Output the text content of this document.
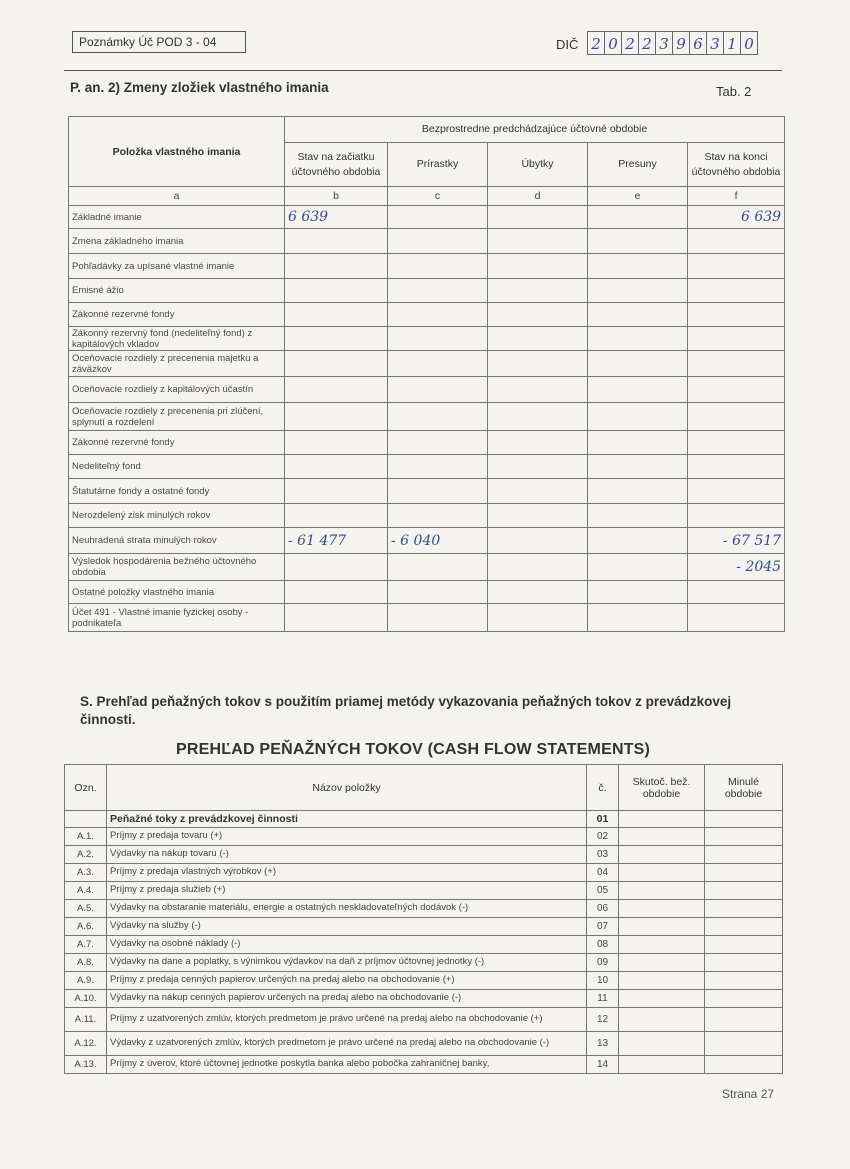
Poznámky Úč POD 3 - 04	DIČ 2 0 2 2 3 9 6 3 1 0
P. an. 2) Zmeny zložiek vlastného imania	Tab. 2
Položka vlastného imania	Bezprostredne predchádzajúce účtovné obdobie				
	Stav na začiatku účtovného obdobia	Prírastky	Úbytky	Presuny	Stav na konci účtovného obdobia
a	b	c	d	e	f
Základné imanie	6 639				6 639
Zmena základného imania					
Pohľadávky za upísané vlastné imanie					
Emisné ážio					
Zákonné rezervné fondy					
Zákonný rezervný fond (nedeliteľný fond) z kapitálových vkladov					
Oceňovacie rozdiely z precenenia majetku a záväzkov					
Oceňovacie rozdiely z kapitálových účastín					
Oceňovacie rozdiely z precenenia pri zlúčení, splynutí a rozdelení					
Zákonné rezervné fondy					
Nedeliteľný fond					
Štatutárne fondy a ostatné fondy					
Nerozdelený zisk minulých rokov					
Neuhradená strata minulých rokov	- 61 477	- 6 040			- 67 517
Výsledok hospodárenia bežného účtovného obdobia					- 2045
Ostatné položky vlastného imania					
Účet 491 - Vlastné imanie fyzickej osoby - podnikateľa					
S. Prehľad peňažných tokov s použitím priamej metódy vykazovania peňažných tokov z prevádzkovej činnosti.
PREHĽAD PEŇAŽNÝCH TOKOV (CASH FLOW STATEMENTS)
Ozn.	Názov položky	č.	Skutoč. bež. obdobie	Minulé obdobie
	Peňažné toky z prevádzkovej činnosti	01		
A.1.	Príjmy z predaja tovaru (+)	02		
A.2.	Výdavky na nákup tovaru (-)	03		
A.3.	Príjmy z predaja vlastných výrobkov (+)	04		
A.4.	Príjmy z predaja služieb (+)	05		
A.5.	Výdavky na obstaranie materiálu, energie a ostatných neskladovateľných dodávok (-)	06		
A.6.	Výdavky na služby (-)	07		
A.7.	Výdavky na osobné náklady (-)	08		
A.8.	Výdavky na dane a poplatky, s výnimkou výdavkov na daň z príjmov účtovnej jednotky (-)	09		
A.9.	Príjmy z predaja cenných papierov určených na predaj alebo na obchodovanie (+)	10		
A.10.	Výdavky na nákup cenných papierov určených na predaj alebo na obchodovanie (-)	11		
A.11.	Príjmy z uzatvorených zmlúv, ktorých predmetom je právo určené na predaj alebo na obchodovanie (+)	12		
A.12.	Výdavky z uzatvorených zmlúv, ktorých predmetom je právo určené na predaj alebo na obchodovanie (-)	13		
A.13.	Príjmy z úverov, ktoré účtovnej jednotke poskytla banka alebo pobočka zahraničnej banky,	14		
Strana 27
